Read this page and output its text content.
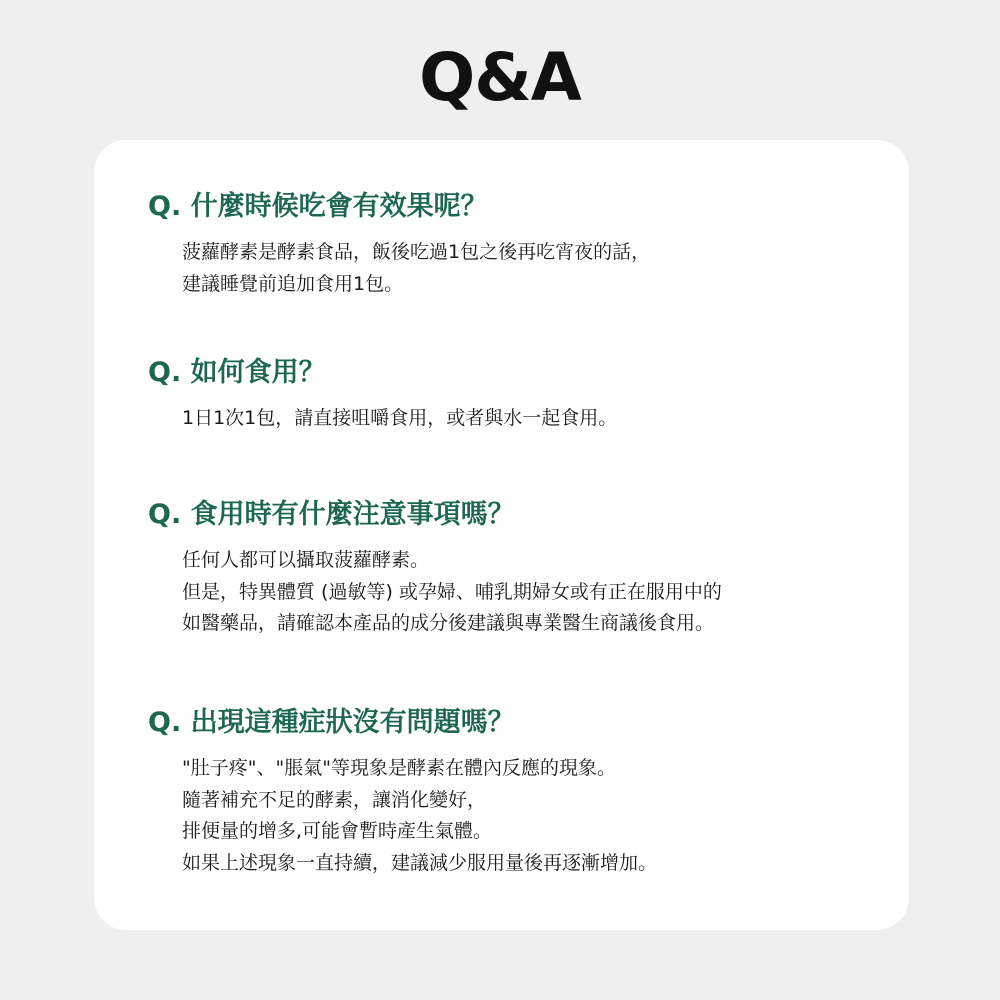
Q&A
Q. 什麼時候吃會有效果呢？
菠蘿酵素是酵素食品，飯後吃過1包之後再吃宵夜的話，
建議睡覺前追加食用1包。
Q. 如何食用？
1日1次1包，請直接咀嚼食用，或者與水一起食用。
Q. 食用時有什麼注意事項嗎？
任何人都可以攝取菠蘿酵素。
但是，特異體質 (過敏等) 或孕婦、哺乳期婦女或有正在服用中的
如醫藥品，請確認本產品的成分後建議與專業醫生商議後食用。
Q. 出現這種症狀沒有問題嗎？
"肚子疼"、"脹氣"等現象是酵素在體內反應的現象。
隨著補充不足的酵素，讓消化變好，
排便量的增多,可能會暫時產生氣體。
如果上述現象一直持續，建議減少服用量後再逐漸增加。
